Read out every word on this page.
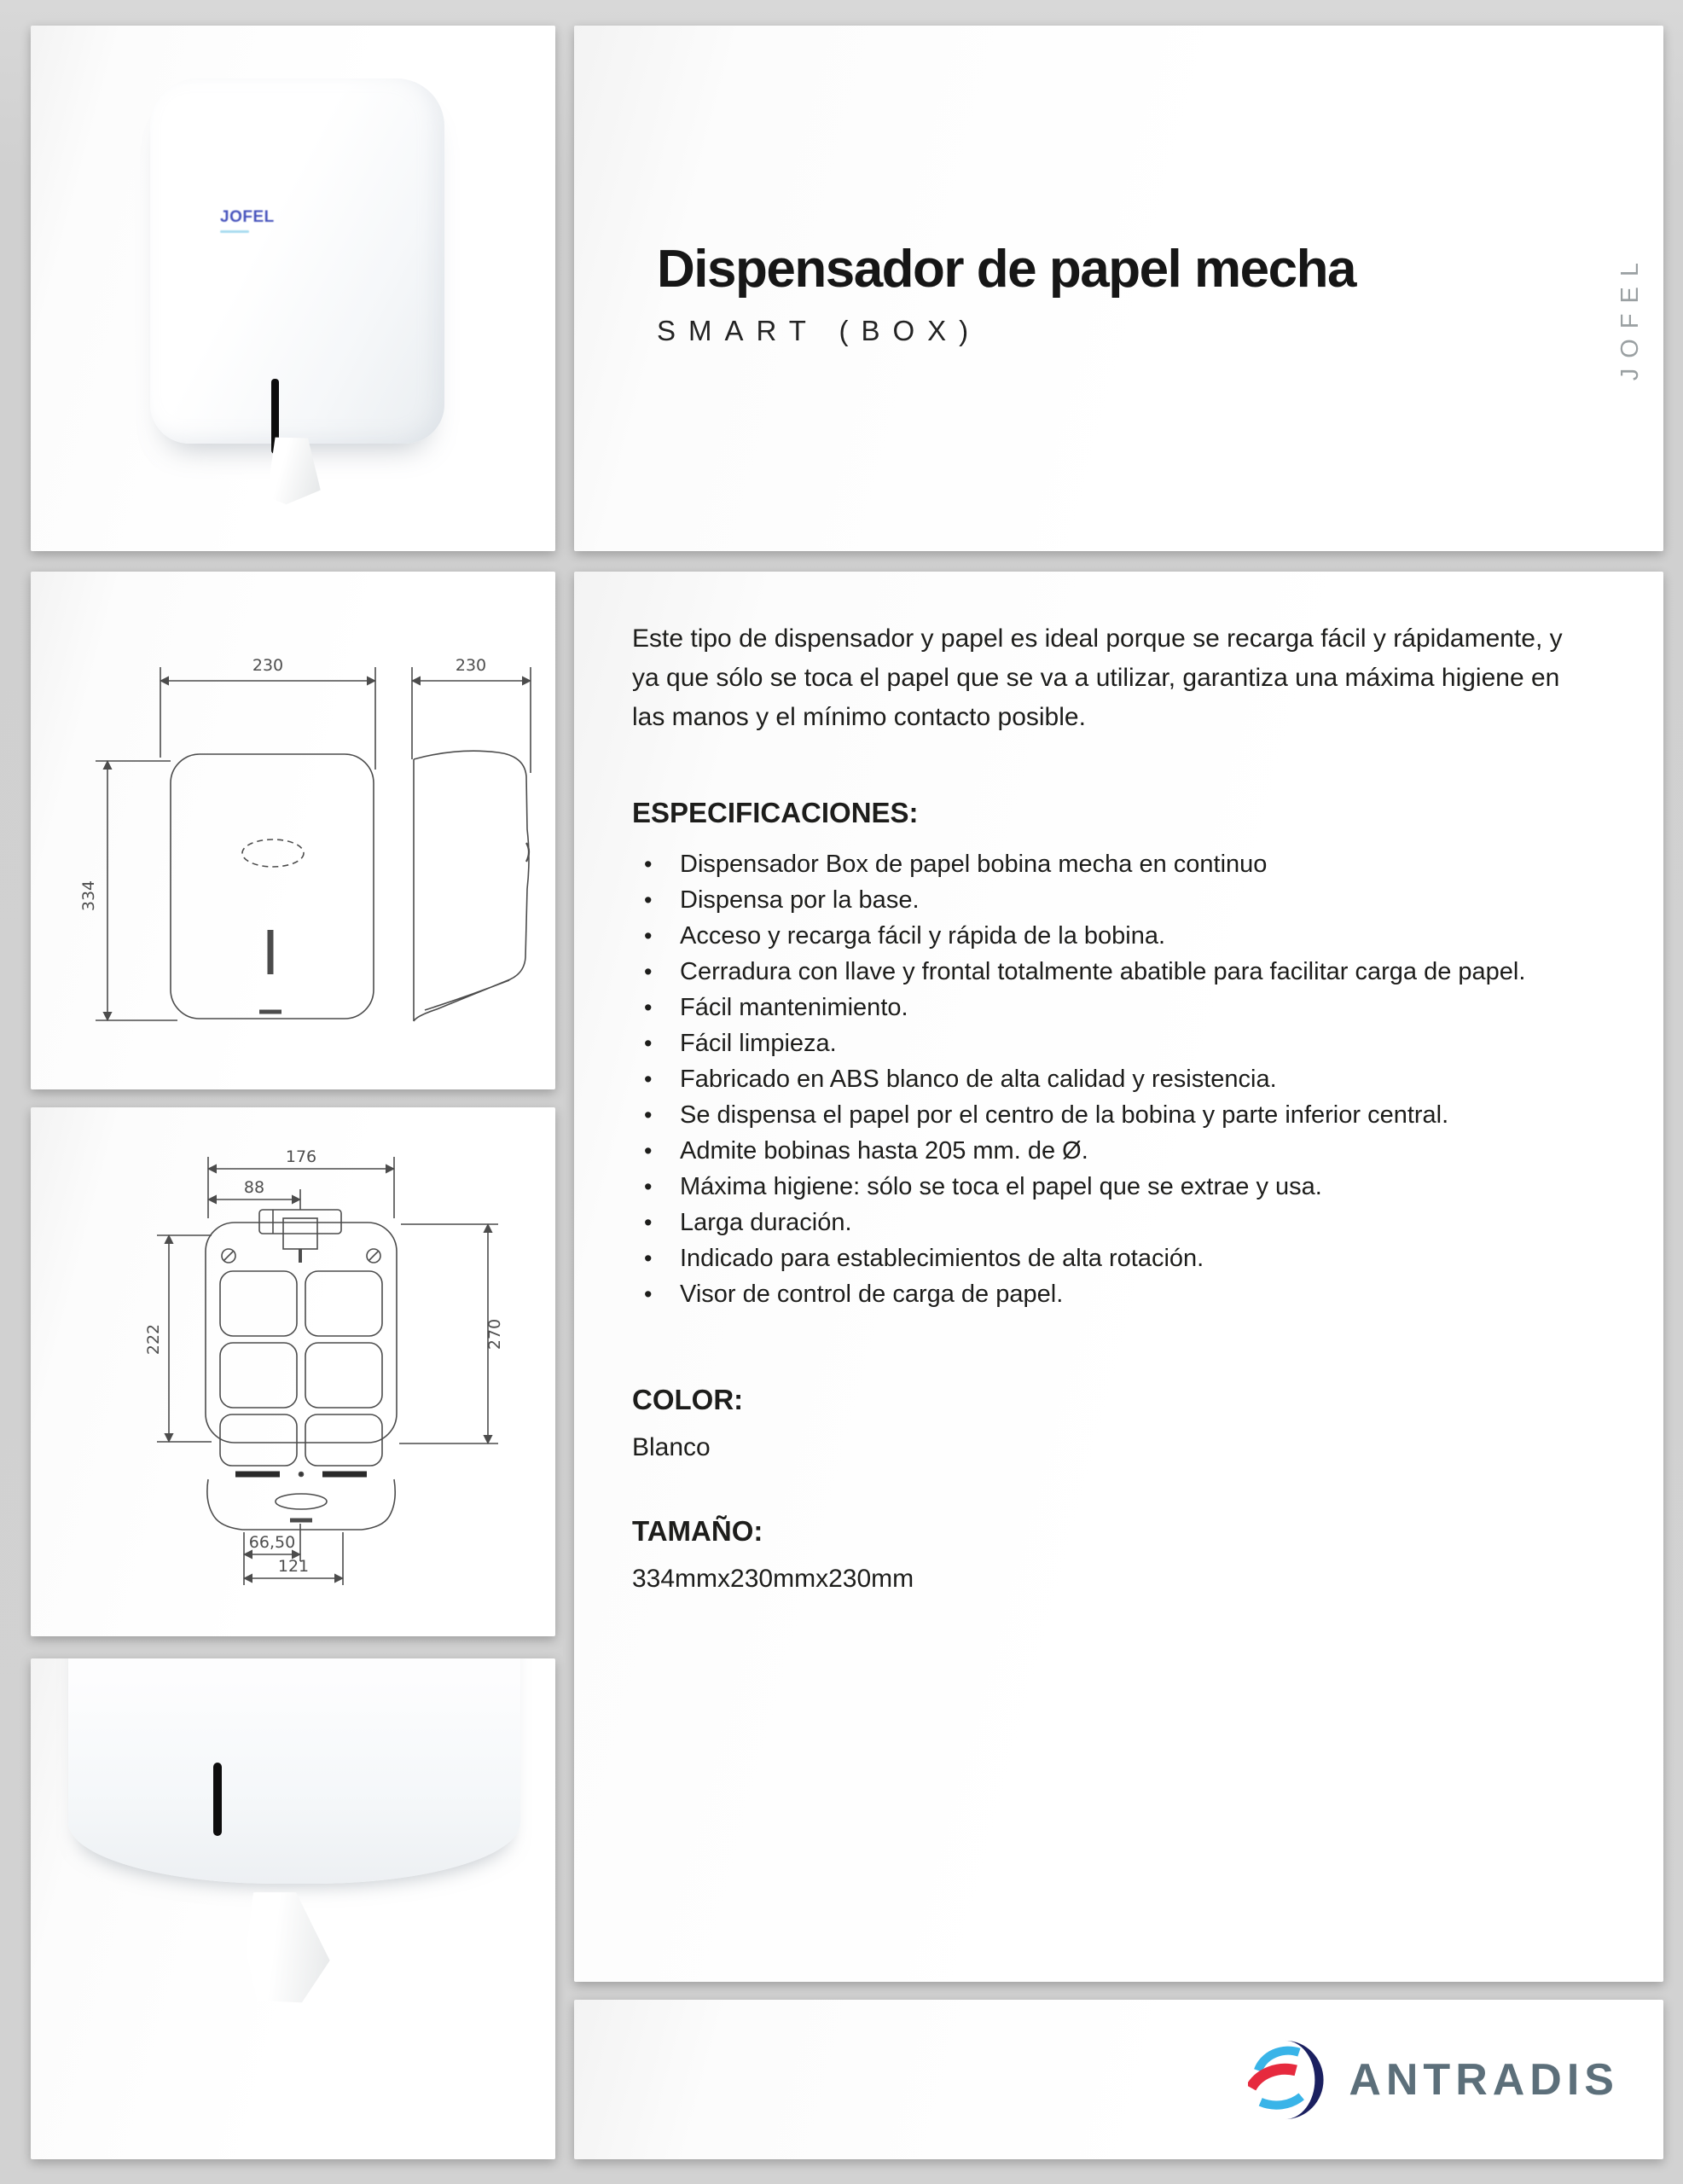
JOFEL
230
334
230
176
88
222	270
66,50
121
Dispensador de papel mecha
SMART (BOX)	JOFEL

Este tipo de dispensador y papel es ideal porque se recarga fácil y rápidamente, y ya que sólo se toca el papel que se va a utilizar, garantiza una máxima higiene en las manos y el mínimo contacto posible.

ESPECIFICACIONES:
• Dispensador Box de papel bobina mecha en continuo
• Dispensa por la base.
• Acceso y recarga fácil y rápida de la bobina.
• Cerradura con llave y frontal totalmente abatible para facilitar carga de papel.
• Fácil mantenimiento.
• Fácil limpieza.
• Fabricado en ABS blanco de alta calidad y resistencia.
• Se dispensa el papel por el centro de la bobina y parte inferior central.
• Admite bobinas hasta 205 mm. de Ø.
• Máxima higiene: sólo se toca el papel que se extrae y usa.
• Larga duración.
• Indicado para establecimientos de alta rotación.
• Visor de control de carga de papel.
COLOR:

Blanco

TAMAÑO:

334mmx230mmx230mm

ANTRADIS
